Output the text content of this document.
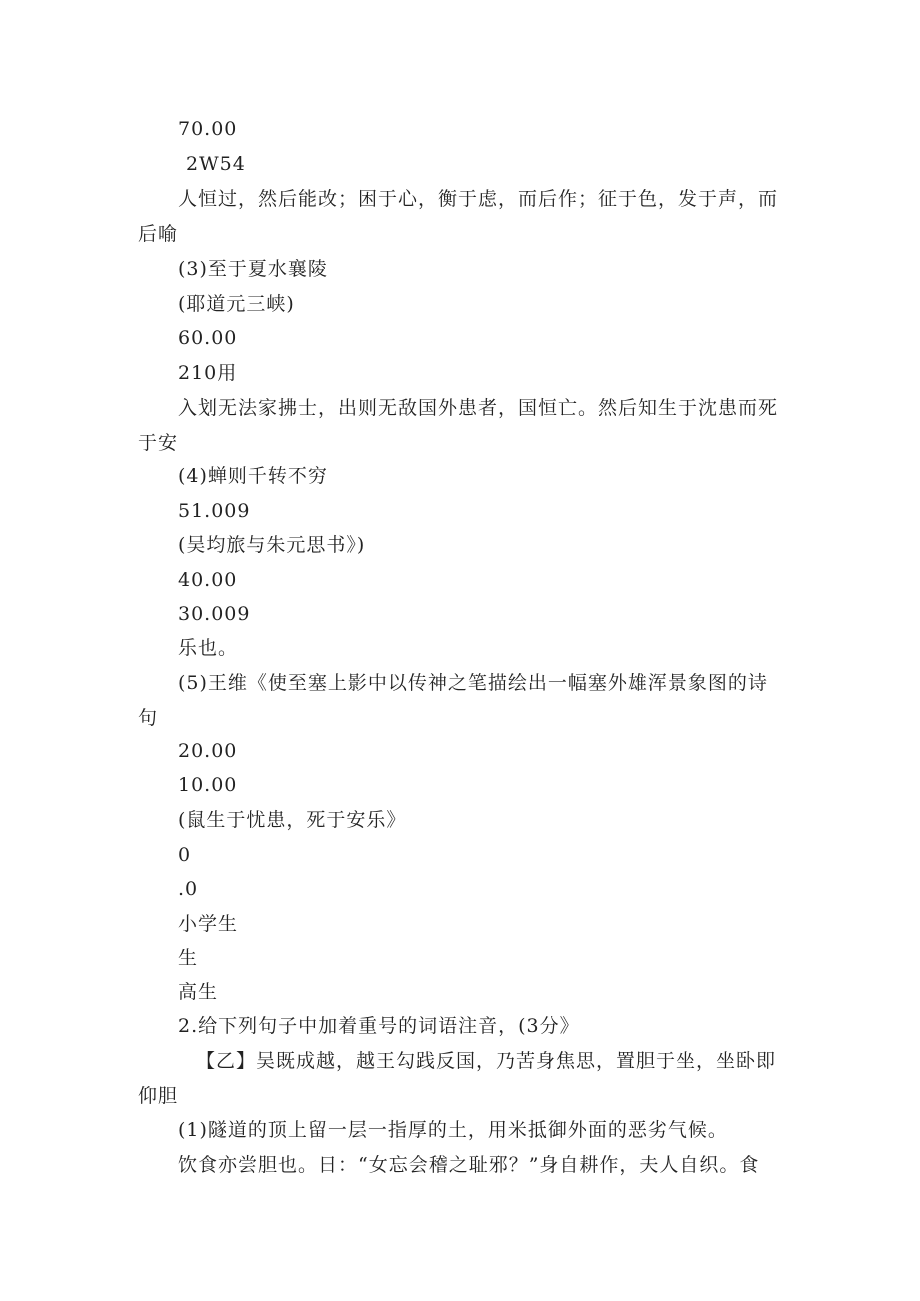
70.00
2W54
人恒过，然后能改；困于心，衡于虑，而后作；征于色，发于声，而
后喻
(3)至于夏水襄陵
(耶道元三峡)
60.00
210用
入划无法家拂士，出则无敌国外患者，国恒亡。然后知生于沈患而死
于安
(4)蝉则千转不穷
51.009
(吴均旅与朱元思书》)
40.00
30.009
乐也。
(5)王维《使至塞上影中以传神之笔描绘出一幅塞外雄浑景象图的诗
句
20.00
10.00
(鼠生于忧患，死于安乐》
0
.0
小学生
生
高生
2.给下列句子中加着重号的词语注音，(3分》
【乙】吴既成越，越王勾践反国，乃苦身焦思，置胆于坐，坐卧即
仰胆
(1)隧道的顶上留一层一指厚的土，用米抵御外面的恶劣气候。
饮食亦尝胆也。日：“女忘会稽之耻邪？”身自耕作，夫人自织。食
